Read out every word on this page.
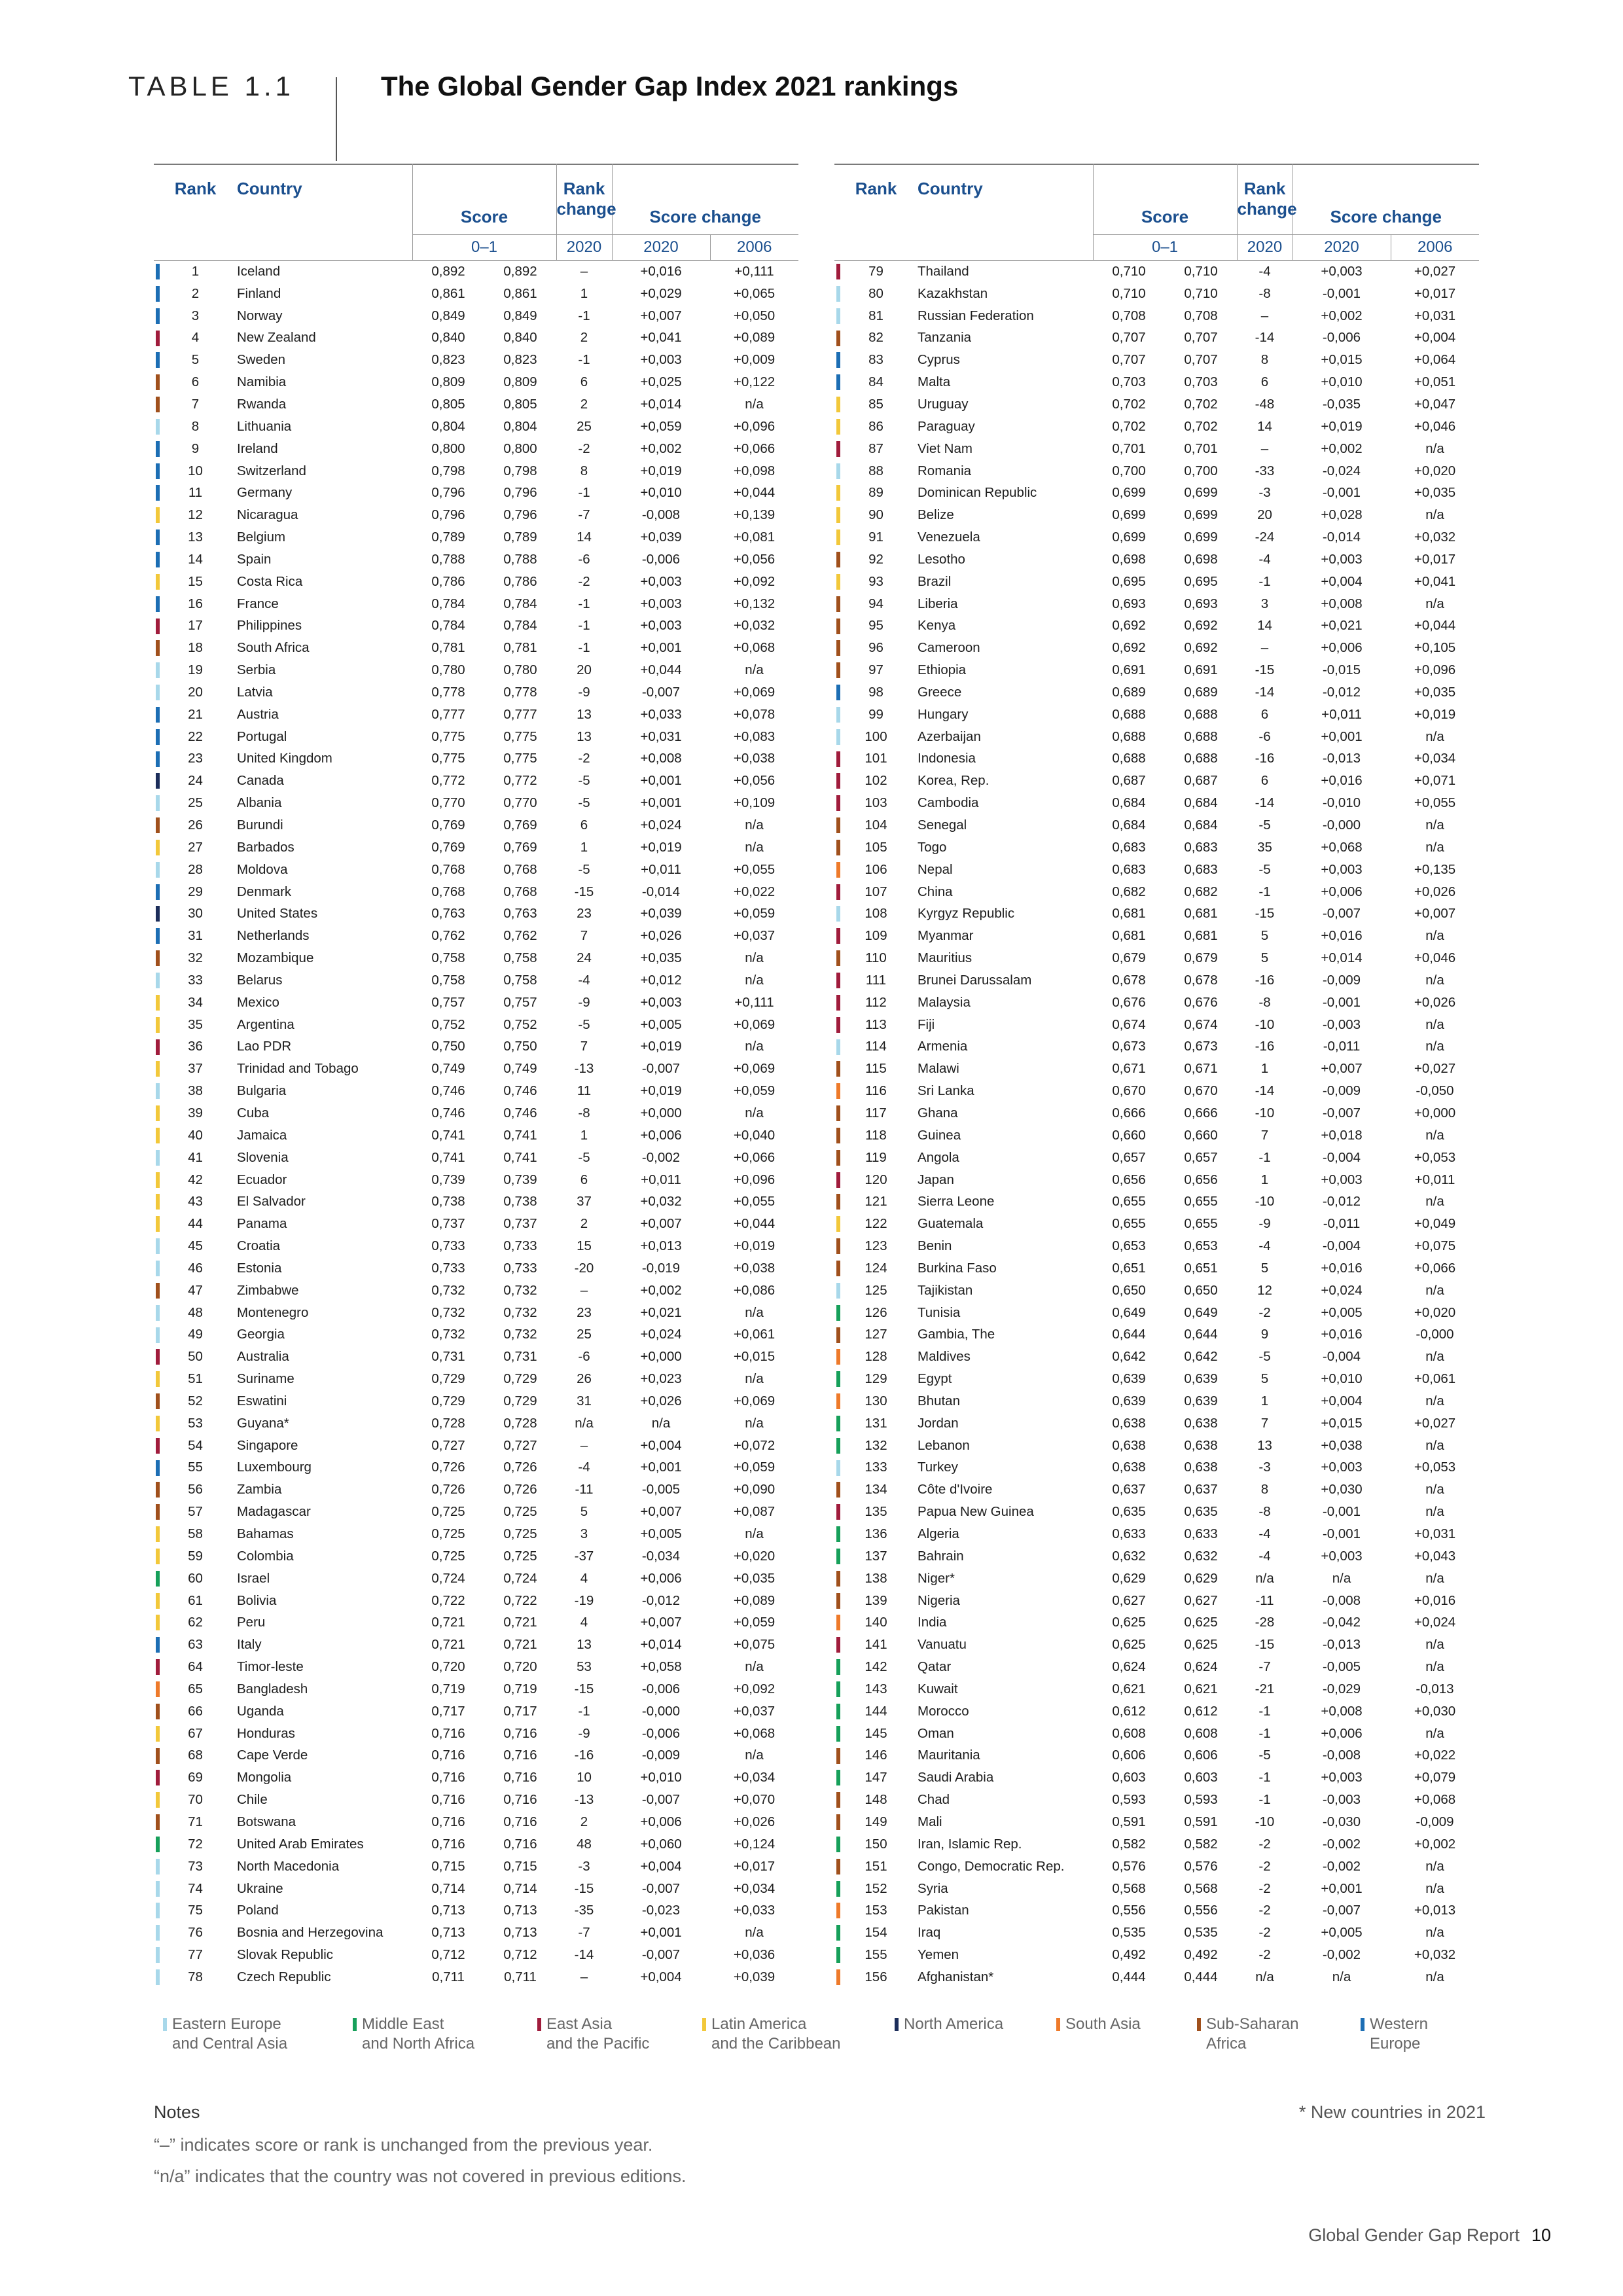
TABLE 1.1	The Global Gender Gap Index 2021 rankings
	Rank	Country			Rank		
			Score		change	Score change	
			0–1		2020	2020	2006

	1	Iceland	0,892	0,892	–	+0,016	+0,111

	2	Finland	0,861	0,861	1	+0,029	+0,065

	3	Norway	0,849	0,849	-1	+0,007	+0,050

	4	New Zealand	0,840	0,840	2	+0,041	+0,089

	5	Sweden	0,823	0,823	-1	+0,003	+0,009

	6	Namibia	0,809	0,809	6	+0,025	+0,122

	7	Rwanda	0,805	0,805	2	+0,014	n/a

	8	Lithuania	0,804	0,804	25	+0,059	+0,096

	9	Ireland	0,800	0,800	-2	+0,002	+0,066

	10	Switzerland	0,798	0,798	8	+0,019	+0,098

	11	Germany	0,796	0,796	-1	+0,010	+0,044

	12	Nicaragua	0,796	0,796	-7	-0,008	+0,139

	13	Belgium	0,789	0,789	14	+0,039	+0,081

	14	Spain	0,788	0,788	-6	-0,006	+0,056

	15	Costa Rica	0,786	0,786	-2	+0,003	+0,092

	16	France	0,784	0,784	-1	+0,003	+0,132

	17	Philippines	0,784	0,784	-1	+0,003	+0,032

	18	South Africa	0,781	0,781	-1	+0,001	+0,068

	19	Serbia	0,780	0,780	20	+0,044	n/a

	20	Latvia	0,778	0,778	-9	-0,007	+0,069

	21	Austria	0,777	0,777	13	+0,033	+0,078

	22	Portugal	0,775	0,775	13	+0,031	+0,083

	23	United Kingdom	0,775	0,775	-2	+0,008	+0,038

	24	Canada	0,772	0,772	-5	+0,001	+0,056

	25	Albania	0,770	0,770	-5	+0,001	+0,109

	26	Burundi	0,769	0,769	6	+0,024	n/a

	27	Barbados	0,769	0,769	1	+0,019	n/a

	28	Moldova	0,768	0,768	-5	+0,011	+0,055

	29	Denmark	0,768	0,768	-15	-0,014	+0,022

	30	United States	0,763	0,763	23	+0,039	+0,059

	31	Netherlands	0,762	0,762	7	+0,026	+0,037

	32	Mozambique	0,758	0,758	24	+0,035	n/a

	33	Belarus	0,758	0,758	-4	+0,012	n/a

	34	Mexico	0,757	0,757	-9	+0,003	+0,111

	35	Argentina	0,752	0,752	-5	+0,005	+0,069

	36	Lao PDR	0,750	0,750	7	+0,019	n/a

	37	Trinidad and Tobago	0,749	0,749	-13	-0,007	+0,069

	38	Bulgaria	0,746	0,746	11	+0,019	+0,059

	39	Cuba	0,746	0,746	-8	+0,000	n/a

	40	Jamaica	0,741	0,741	1	+0,006	+0,040

	41	Slovenia	0,741	0,741	-5	-0,002	+0,066

	42	Ecuador	0,739	0,739	6	+0,011	+0,096

	43	El Salvador	0,738	0,738	37	+0,032	+0,055

	44	Panama	0,737	0,737	2	+0,007	+0,044

	45	Croatia	0,733	0,733	15	+0,013	+0,019

	46	Estonia	0,733	0,733	-20	-0,019	+0,038

	47	Zimbabwe	0,732	0,732	–	+0,002	+0,086

	48	Montenegro	0,732	0,732	23	+0,021	n/a

	49	Georgia	0,732	0,732	25	+0,024	+0,061

	50	Australia	0,731	0,731	-6	+0,000	+0,015

	51	Suriname	0,729	0,729	26	+0,023	n/a

	52	Eswatini	0,729	0,729	31	+0,026	+0,069

	53	Guyana*	0,728	0,728	n/a	n/a	n/a

	54	Singapore	0,727	0,727	–	+0,004	+0,072

	55	Luxembourg	0,726	0,726	-4	+0,001	+0,059

	56	Zambia	0,726	0,726	-11	-0,005	+0,090

	57	Madagascar	0,725	0,725	5	+0,007	+0,087

	58	Bahamas	0,725	0,725	3	+0,005	n/a

	59	Colombia	0,725	0,725	-37	-0,034	+0,020

	60	Israel	0,724	0,724	4	+0,006	+0,035

	61	Bolivia	0,722	0,722	-19	-0,012	+0,089

	62	Peru	0,721	0,721	4	+0,007	+0,059

	63	Italy	0,721	0,721	13	+0,014	+0,075

	64	Timor-leste	0,720	0,720	53	+0,058	n/a

	65	Bangladesh	0,719	0,719	-15	-0,006	+0,092

	66	Uganda	0,717	0,717	-1	-0,000	+0,037

	67	Honduras	0,716	0,716	-9	-0,006	+0,068

	68	Cape Verde	0,716	0,716	-16	-0,009	n/a

	69	Mongolia	0,716	0,716	10	+0,010	+0,034

	70	Chile	0,716	0,716	-13	-0,007	+0,070

	71	Botswana	0,716	0,716	2	+0,006	+0,026

	72	United Arab Emirates	0,716	0,716	48	+0,060	+0,124

	73	North Macedonia	0,715	0,715	-3	+0,004	+0,017

	74	Ukraine	0,714	0,714	-15	-0,007	+0,034

	75	Poland	0,713	0,713	-35	-0,023	+0,033

	76	Bosnia and Herzegovina	0,713	0,713	-7	+0,001	n/a

	77	Slovak Republic	0,712	0,712	-14	-0,007	+0,036

	78	Czech Republic	0,711	0,711	–	+0,004	+0,039
	Rank	Country			Rank		
			Score		change	Score change	
			0–1		2020	2020	2006

	79	Thailand	0,710	0,710	-4	+0,003	+0,027

	80	Kazakhstan	0,710	0,710	-8	-0,001	+0,017

	81	Russian Federation	0,708	0,708	–	+0,002	+0,031

	82	Tanzania	0,707	0,707	-14	-0,006	+0,004

	83	Cyprus	0,707	0,707	8	+0,015	+0,064

	84	Malta	0,703	0,703	6	+0,010	+0,051

	85	Uruguay	0,702	0,702	-48	-0,035	+0,047

	86	Paraguay	0,702	0,702	14	+0,019	+0,046

	87	Viet Nam	0,701	0,701	–	+0,002	n/a

	88	Romania	0,700	0,700	-33	-0,024	+0,020

	89	Dominican Republic	0,699	0,699	-3	-0,001	+0,035

	90	Belize	0,699	0,699	20	+0,028	n/a

	91	Venezuela	0,699	0,699	-24	-0,014	+0,032

	92	Lesotho	0,698	0,698	-4	+0,003	+0,017

	93	Brazil	0,695	0,695	-1	+0,004	+0,041

	94	Liberia	0,693	0,693	3	+0,008	n/a

	95	Kenya	0,692	0,692	14	+0,021	+0,044

	96	Cameroon	0,692	0,692	–	+0,006	+0,105

	97	Ethiopia	0,691	0,691	-15	-0,015	+0,096

	98	Greece	0,689	0,689	-14	-0,012	+0,035

	99	Hungary	0,688	0,688	6	+0,011	+0,019

	100	Azerbaijan	0,688	0,688	-6	+0,001	n/a

	101	Indonesia	0,688	0,688	-16	-0,013	+0,034

	102	Korea, Rep.	0,687	0,687	6	+0,016	+0,071

	103	Cambodia	0,684	0,684	-14	-0,010	+0,055

	104	Senegal	0,684	0,684	-5	-0,000	n/a

	105	Togo	0,683	0,683	35	+0,068	n/a

	106	Nepal	0,683	0,683	-5	+0,003	+0,135

	107	China	0,682	0,682	-1	+0,006	+0,026

	108	Kyrgyz Republic	0,681	0,681	-15	-0,007	+0,007

	109	Myanmar	0,681	0,681	5	+0,016	n/a

	110	Mauritius	0,679	0,679	5	+0,014	+0,046

	111	Brunei Darussalam	0,678	0,678	-16	-0,009	n/a

	112	Malaysia	0,676	0,676	-8	-0,001	+0,026

	113	Fiji	0,674	0,674	-10	-0,003	n/a

	114	Armenia	0,673	0,673	-16	-0,011	n/a

	115	Malawi	0,671	0,671	1	+0,007	+0,027

	116	Sri Lanka	0,670	0,670	-14	-0,009	-0,050

	117	Ghana	0,666	0,666	-10	-0,007	+0,000

	118	Guinea	0,660	0,660	7	+0,018	n/a

	119	Angola	0,657	0,657	-1	-0,004	+0,053

	120	Japan	0,656	0,656	1	+0,003	+0,011

	121	Sierra Leone	0,655	0,655	-10	-0,012	n/a

	122	Guatemala	0,655	0,655	-9	-0,011	+0,049

	123	Benin	0,653	0,653	-4	-0,004	+0,075

	124	Burkina Faso	0,651	0,651	5	+0,016	+0,066

	125	Tajikistan	0,650	0,650	12	+0,024	n/a

	126	Tunisia	0,649	0,649	-2	+0,005	+0,020

	127	Gambia, The	0,644	0,644	9	+0,016	-0,000

	128	Maldives	0,642	0,642	-5	-0,004	n/a

	129	Egypt	0,639	0,639	5	+0,010	+0,061

	130	Bhutan	0,639	0,639	1	+0,004	n/a

	131	Jordan	0,638	0,638	7	+0,015	+0,027

	132	Lebanon	0,638	0,638	13	+0,038	n/a

	133	Turkey	0,638	0,638	-3	+0,003	+0,053

	134	Côte d'Ivoire	0,637	0,637	8	+0,030	n/a

	135	Papua New Guinea	0,635	0,635	-8	-0,001	n/a

	136	Algeria	0,633	0,633	-4	-0,001	+0,031

	137	Bahrain	0,632	0,632	-4	+0,003	+0,043

	138	Niger*	0,629	0,629	n/a	n/a	n/a

	139	Nigeria	0,627	0,627	-11	-0,008	+0,016

	140	India	0,625	0,625	-28	-0,042	+0,024

	141	Vanuatu	0,625	0,625	-15	-0,013	n/a

	142	Qatar	0,624	0,624	-7	-0,005	n/a

	143	Kuwait	0,621	0,621	-21	-0,029	-0,013

	144	Morocco	0,612	0,612	-1	+0,008	+0,030

	145	Oman	0,608	0,608	-1	+0,006	n/a

	146	Mauritania	0,606	0,606	-5	-0,008	+0,022

	147	Saudi Arabia	0,603	0,603	-1	+0,003	+0,079

	148	Chad	0,593	0,593	-1	-0,003	+0,068

	149	Mali	0,591	0,591	-10	-0,030	-0,009

	150	Iran, Islamic Rep.	0,582	0,582	-2	-0,002	+0,002

	151	Congo, Democratic Rep.	0,576	0,576	-2	-0,002	n/a

	152	Syria	0,568	0,568	-2	+0,001	n/a

	153	Pakistan	0,556	0,556	-2	-0,007	+0,013

	154	Iraq	0,535	0,535	-2	+0,005	n/a

	155	Yemen	0,492	0,492	-2	-0,002	+0,032

	156	Afghanistan*	0,444	0,444	n/a	n/a	n/a
Eastern Europe
and Central Asia
Middle East
and North Africa
East Asia
and the Pacific
Latin America
and the Caribbean
North America	South Asia	Sub-Saharan
Africa
Western Europe
Notes	* New countries in 2021
“–” indicates score or rank is unchanged from the previous year.
“n/a” indicates that the country was not covered in previous editions.
Global Gender Gap Report 10
